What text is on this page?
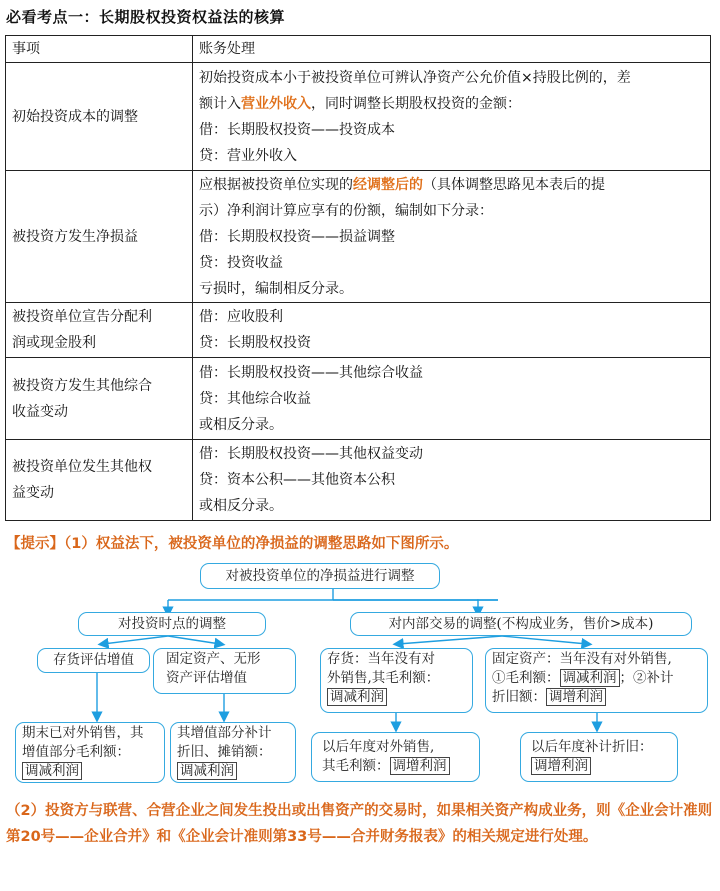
必看考点一：长期股权投资权益法的核算
事项	账务处理
初始投资成本的调整	初始投资成本小于被投资单位可辨认净资产公允价值×持股比例的，差
额计入营业外收入，同时调整长期股权投资的金额：
借：长期股权投资——投资成本
贷：营业外收入

被投资方发生净损益	应根据被投资单位实现的经调整后的（具体调整思路见本表后的提
示）净利润计算应享有的份额，编制如下分录：
借：长期股权投资——损益调整
贷：投资收益
亏损时，编制相反分录。

被投资单位宣告分配利
润或现金股利	借：应收股利
贷：长期股权投资

被投资方发生其他综合
收益变动	借：长期股权投资——其他综合收益
贷：其他综合收益
或相反分录。

被投资单位发生其他权
益变动	借：长期股权投资——其他权益变动
贷：资本公积——其他资本公积
或相反分录。
【提示】（1）权益法下，被投资单位的净损益的调整思路如下图所示。
对被投资单位的净损益进行调整
对投资时点的调整	对内部交易的调整(不构成业务，售价>成本)
存货评估增值	固定资产、无形
资产评估增值
存货：当年没有对
外销售,其毛利额：
调减利润
固定资产：当年没有对外销售,
①毛利额： 调减利润 ；②补计
折旧额： 调增利润
期末已对外销售，其
增值部分毛利额：
调减利润
其增值部分补计
折旧、摊销额：
调减利润
以后年度对外销售,
其毛利额： 调增利润
以后年度补计折旧：
调增利润
（2）投资方与联营、合营企业之间发生投出或出售资产的交易时，如果相关资产构成业务，则《企业会计准则第20号——企业合并》和《企业会计准则第33号——合并财务报表》的相关规定进行处理。
